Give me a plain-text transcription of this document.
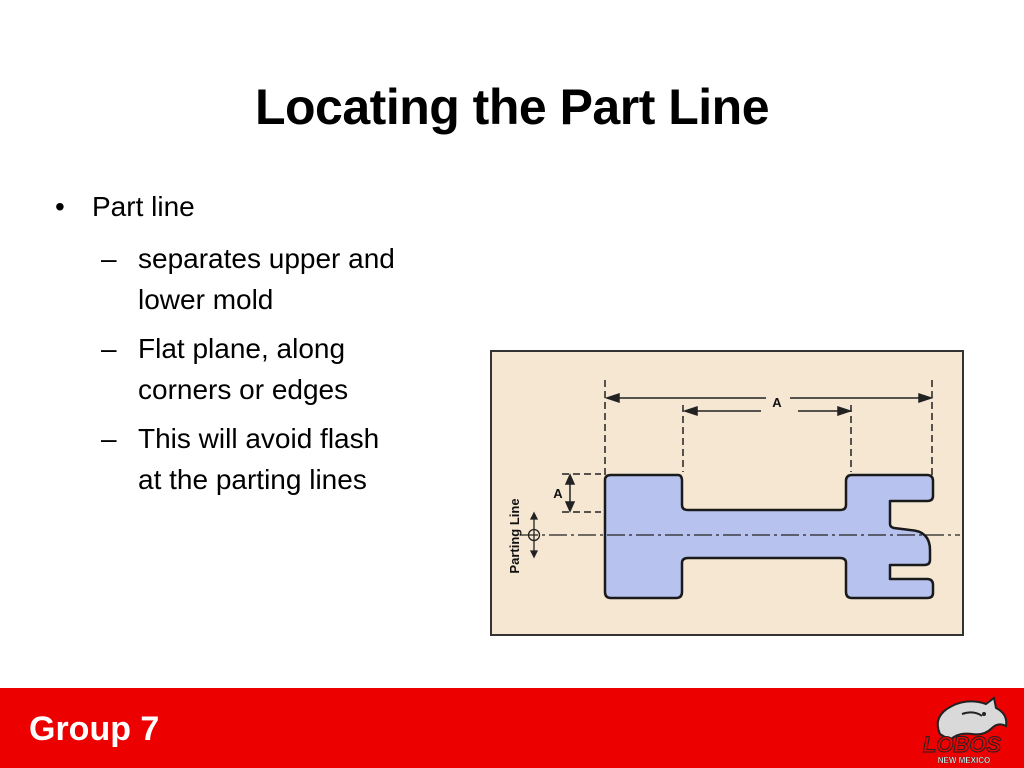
Locating the Part Line
• Part line
– separates upper and
lower mold
– Flat plane, along
corners or edges
– This will avoid flash
at the parting lines
A
A
Parting Line
Group 7	LOBOS
NEW MEXICO
